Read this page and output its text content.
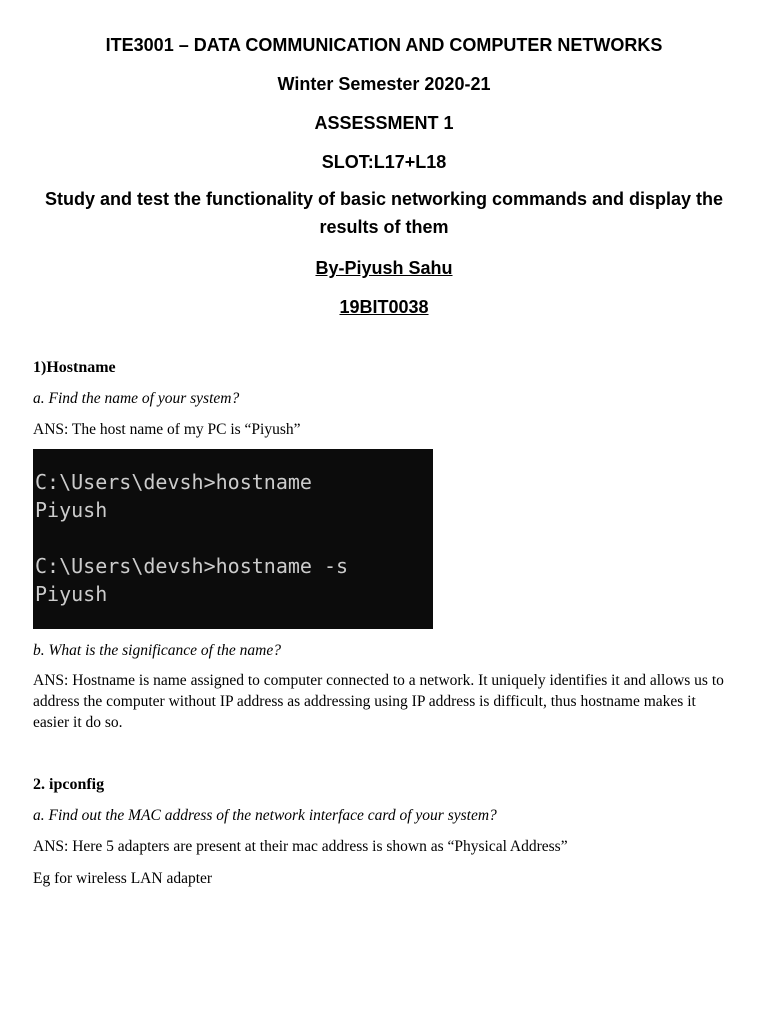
ITE3001 – DATA COMMUNICATION AND COMPUTER NETWORKS
Winter Semester 2020-21
ASSESSMENT 1
SLOT:L17+L18
Study and test the functionality of basic networking commands and display the results of them
By-Piyush Sahu
19BIT0038
1)Hostname
a. Find the name of your system?
ANS: The host name of my PC is “Piyush”
C:\Users\devsh>hostname
Piyush
C:\Users\devsh>hostname -s
Piyush
b. What is the significance of the name?
ANS: Hostname is name assigned to computer connected to a network. It uniquely identifies it and allows us to address the computer without IP address as addressing using IP address is difficult, thus hostname makes it easier it do so.
2. ipconfig
a. Find out the MAC address of the network interface card of your system?
ANS: Here 5 adapters are present at their mac address is shown as “Physical Address”
Eg for wireless LAN adapter
